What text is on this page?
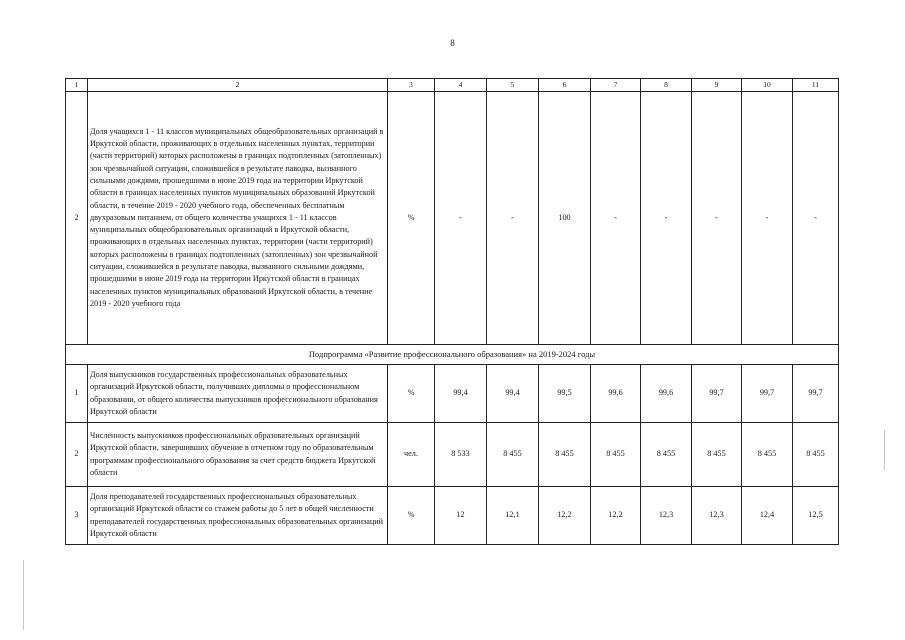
8
1	2	3	4	5	6	7	8	9	10	11
2	Доля учащихся 1 - 11 классов муниципальных общеобразовательных организаций в Иркутской области, проживающих в отдельных населенных пунктах, территории (части территорий) которых расположены в границах подтопленных (затопленных) зон чрезвычайной ситуации, сложившейся в результате паводка, вызванного сильными дождями, прошедшими в июне 2019 года на территории Иркутской области в границах населенных пунктов муниципальных образований Иркутской области, в течение 2019 - 2020 учебного года, обеспеченных бесплатным двухразовым питанием, от общего количества учащихся 1 - 11 классов муниципальных общеобразовательных организаций в Иркутской области, проживающих в отдельных населенных пунктах, территории (части территорий) которых расположены в границах подтопленных (затопленных) зон чрезвычайной ситуации, сложившейся в результате паводка, вызванного сильными дождями, прошедшими в июне 2019 года на территории Иркутской области в границах населенных пунктов муниципальных образований Иркутской области, в течение 2019 - 2020 учебного года	%	-	-	100	-	-	-	-	-
Подпрограмма «Развитие профессионального образования» на 2019-2024 годы										
1	Доля выпускников государственных профессиональных образовательных организаций Иркутской области, получивших дипломы о профессиональном образовании, от общего количества выпускников профессионального образования Иркутской области	%	99,4	99,4	99,5	99,6	99,6	99,7	99,7	99,7
2	Численность выпускников профессиональных образовательных организаций Иркутской области, завершивших обучение в отчетном году по образовательным программам профессионального образования за счет средств бюджета Иркутской области	чел.	8 533	8 455	8 455	8 455	8 455	8 455	8 455	8 455
3	Доля преподавателей государственных профессиональных образовательных организаций Иркутской области со стажем работы до 5 лет в общей численности преподавателей государственных профессиональных образовательных организаций Иркутской области	%	12	12,1	12,2	12,2	12,3	12,3	12,4	12,5
